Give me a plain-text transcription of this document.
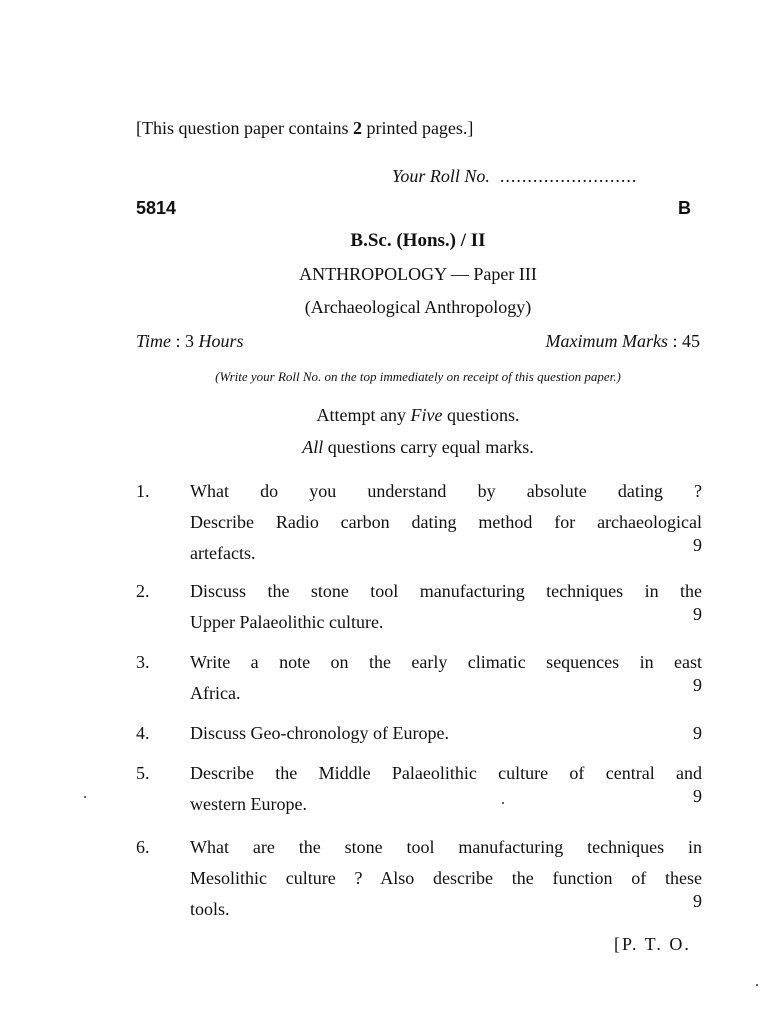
[This question paper contains 2 printed pages.]
Your Roll No. .........................
5814	B
B.Sc. (Hons.) / II
ANTHROPOLOGY — Paper III
(Archaeological Anthropology)
Time : 3 Hours	Maximum Marks : 45
(Write your Roll No. on the top immediately on receipt of this question paper.)
Attempt any Five questions.
All questions carry equal marks.
1. What do you understand by absolute dating ?
Describe Radio carbon dating method for archaeological
artefacts.	9
2. Discuss the stone tool manufacturing techniques in the
Upper Palaeolithic culture.	9
3. Write a note on the early climatic sequences in east
Africa.	9
4. Discuss Geo-chronology of Europe.	9
5. Describe the Middle Palaeolithic culture of central and
western Europe.	9
6. What are the stone tool manufacturing techniques in
Mesolithic culture ? Also describe the function of these
tools.	9
[P. T. O.
